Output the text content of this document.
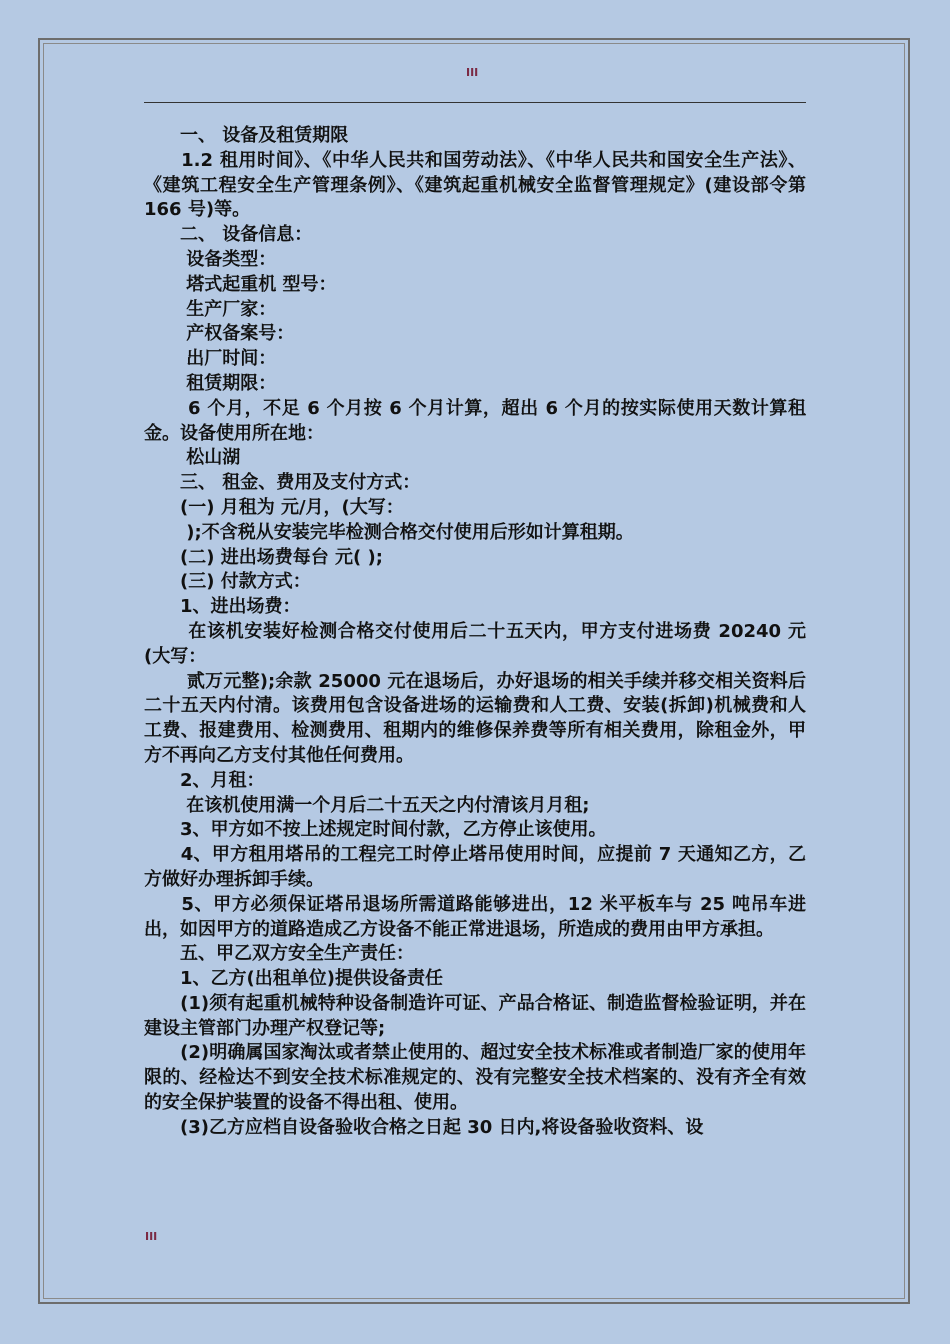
III

　　一、 设备及租赁期限

　　1.2 租用时间》、《中华人民共和国劳动法》、《中华人民共和国安全生产法》、《建筑工程安全生产管理条例》、《建筑起重机械安全监督管理规定》(建设部令第 166 号)等。

　　二、 设备信息：

　　 设备类型：

　　 塔式起重机 型号：

　　 生产厂家：

　　 产权备案号：

　　 出厂时间：

　　 租赁期限：

　　 6 个月，不足 6 个月按 6 个月计算，超出 6 个月的按实际使用天数计算租金。设备使用所在地：

　　 松山湖

　　三、 租金、费用及支付方式：

　　(一) 月租为 元/月，(大写：

　　 );不含税从安装完毕检测合格交付使用后形如计算租期。

　　(二) 进出场费每台 元( );

　　(三) 付款方式：

　　1、进出场费：

　　 在该机安装好检测合格交付使用后二十五天内，甲方支付进场费 20240 元(大写：

　　 贰万元整);余款 25000 元在退场后，办好退场的相关手续并移交相关资料后二十五天内付清。该费用包含设备进场的运输费和人工费、安装(拆卸)机械费和人工费、报建费用、检测费用、租期内的维修保养费等所有相关费用，除租金外，甲方不再向乙方支付其他任何费用。

　　2、月租：

　　 在该机使用满一个月后二十五天之内付清该月月租;

　　3、甲方如不按上述规定时间付款，乙方停止该使用。

　　4、甲方租用塔吊的工程完工时停止塔吊使用时间，应提前 7 天通知乙方，乙方做好办理拆卸手续。

　　5、甲方必须保证塔吊退场所需道路能够进出，12 米平板车与 25 吨吊车进出，如因甲方的道路造成乙方设备不能正常进退场，所造成的费用由甲方承担。

　　五、甲乙双方安全生产责任：

　　1、乙方(出租单位)提供设备责任

　　(1)须有起重机械特种设备制造许可证、产品合格证、制造监督检验证明，并在建设主管部门办理产权登记等;

　　(2)明确属国家淘汰或者禁止使用的、超过安全技术标准或者制造厂家的使用年限的、经检达不到安全技术标准规定的、没有完整安全技术档案的、没有齐全有效的安全保护装置的设备不得出租、使用。

　　(3)乙方应档自设备验收合格之日起 30 日内,将设备验收资料、设

III
